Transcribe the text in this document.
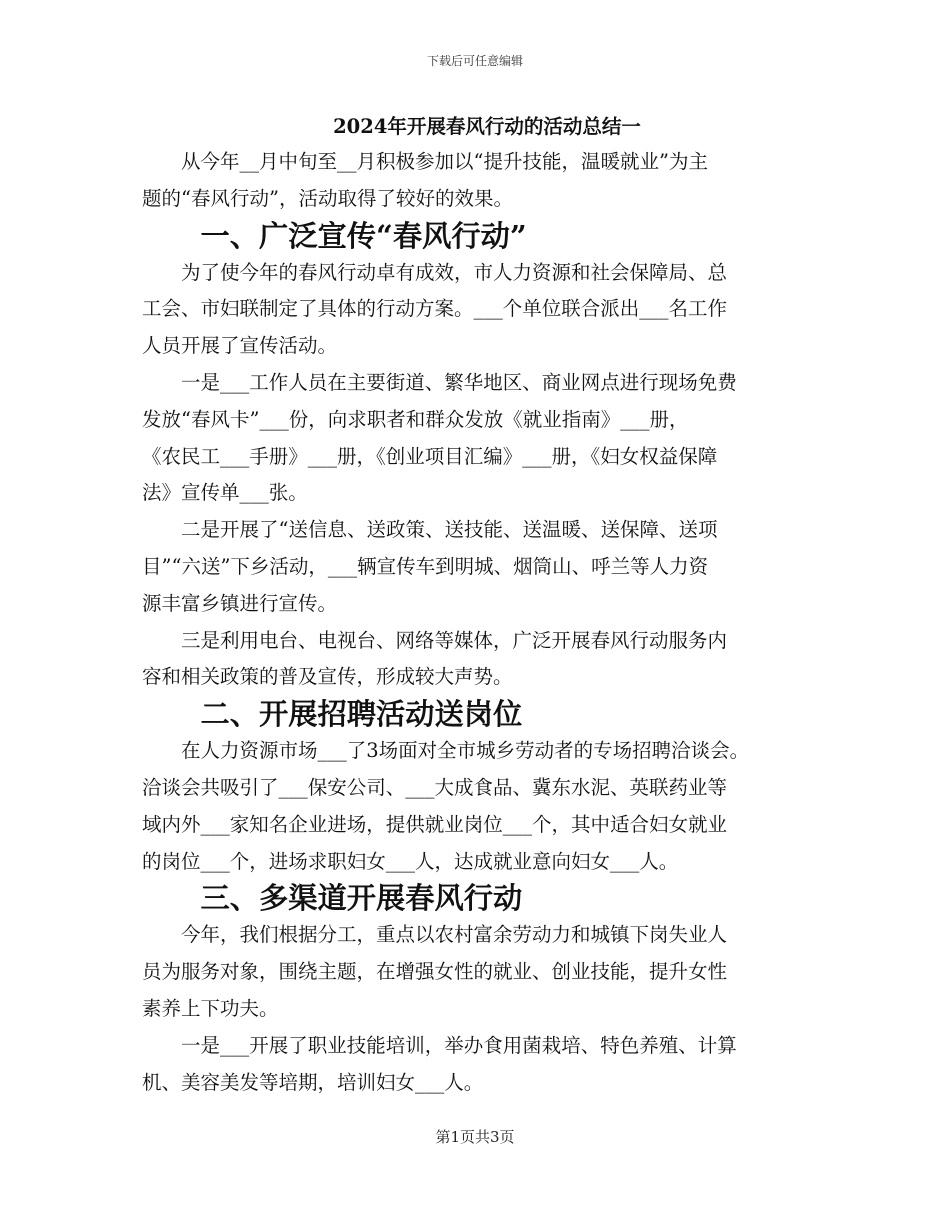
下载后可任意编辑
2024年开展春风行动的活动总结一

从今年__月中旬至__月积极参加以“提升技能，温暖就业”为主
题的“春风行动”，活动取得了较好的效果。

一、广泛宣传“春风行动”

为了使今年的春风行动卓有成效，市人力资源和社会保障局、总
工会、市妇联制定了具体的行动方案。___个单位联合派出___名工作
人员开展了宣传活动。

一是___工作人员在主要街道、繁华地区、商业网点进行现场免费
发放“春风卡”___份，向求职者和群众发放《就业指南》___册，
《农民工___手册》___册，《创业项目汇编》___册，《妇女权益保障
法》宣传单___张。

二是开展了“送信息、送政策、送技能、送温暖、送保障、送项
目”“六送”下乡活动，___辆宣传车到明城、烟筒山、呼兰等人力资
源丰富乡镇进行宣传。

三是利用电台、电视台、网络等媒体，广泛开展春风行动服务内
容和相关政策的普及宣传，形成较大声势。

二、开展招聘活动送岗位

在人力资源市场___了3场面对全市城乡劳动者的专场招聘洽谈会。
洽谈会共吸引了___保安公司、___大成食品、冀东水泥、英联药业等
域内外___家知名企业进场，提供就业岗位___个，其中适合妇女就业
的岗位___个，进场求职妇女___人，达成就业意向妇女___人。

三、多渠道开展春风行动

今年，我们根据分工，重点以农村富余劳动力和城镇下岗失业人
员为服务对象，围绕主题，在增强女性的就业、创业技能，提升女性
素养上下功夫。

一是___开展了职业技能培训，举办食用菌栽培、特色养殖、计算
机、美容美发等培期，培训妇女___人。

第1页共3页
